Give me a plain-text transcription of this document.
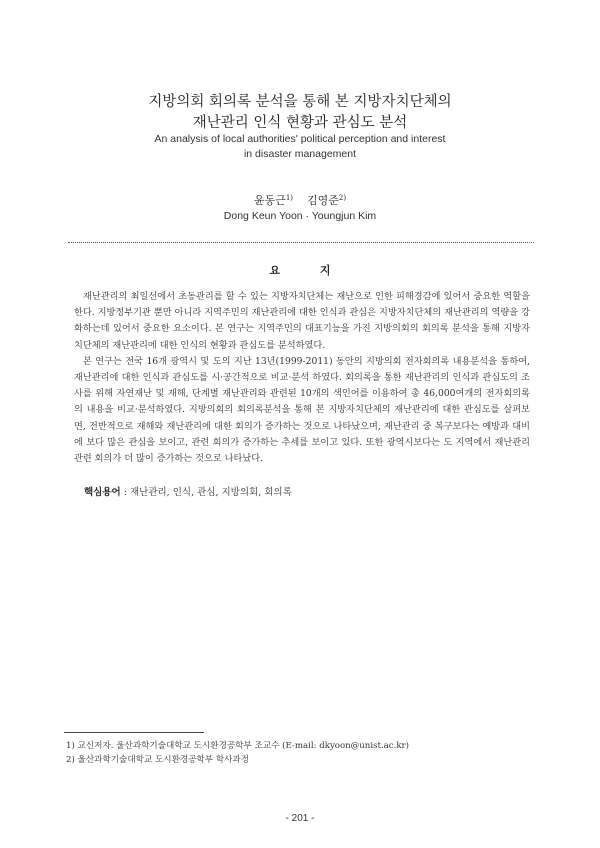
지방의회 회의록 분석을 통해 본 지방자치단체의
재난관리 인식 현황과 관심도 분석
An analysis of local authorities' political perception and interest
in disaster management
윤동근$^{1)}$ 김영준$^{2)}$
Dong Keun Yoon · Youngjun Kim
요 지

재난관리의 최일선에서 초동관리를 할 수 있는 지방자치단체는 재난으로 인한 피해경감에 있어서 중요한 역할을 한다. 지방정부기관 뿐만 아니라 지역주민의 재난관리에 대한 인식과 관심은 지방자치단체의 재난관리의 역량을 강화하는데 있어서 중요한 요소이다. 본 연구는 지역주민의 대표기능을 가진 지방의회의 회의록 분석을 통해 지방자치단체의 재난관리에 대한 인식의 현황과 관심도를 분석하였다.

본 연구는 전국 16개 광역시 및 도의 지난 13년(1999-2011) 동안의 지방의회 전자회의록 내용분석을 통하여, 재난관리에 대한 인식과 관심도를 시·공간적으로 비교·분석 하였다. 회의록을 통한 재난관리의 인식과 관심도의 조사를 위해 자연재난 및 재해, 단계별 재난관리와 관련된 10개의 색인어를 이용하여 총 46,000여개의 전자회의록의 내용을 비교·분석하였다. 지방의회의 회의록분석을 통해 본 지방자치단체의 재난관리에 대한 관심도를 살펴보면, 전반적으로 재해와 재난관리에 대한 회의가 증가하는 것으로 나타났으며, 재난관리 중 복구보다는 예방과 대비에 보다 많은 관심을 보이고, 관련 회의가 증가하는 추세를 보이고 있다. 또한 광역시보다는 도 지역에서 재난관리 관련 회의가 더 많이 증가하는 것으로 나타났다.

핵심용어 : 재난관리, 인식, 관심, 지방의회, 회의록
1) 교신저자. 울산과학기술대학교 도시환경공학부 조교수 (E-mail: dkyoon@unist.ac.kr)
2) 울산과학기술대학교 도시환경공학부 학사과정
- 201 -
